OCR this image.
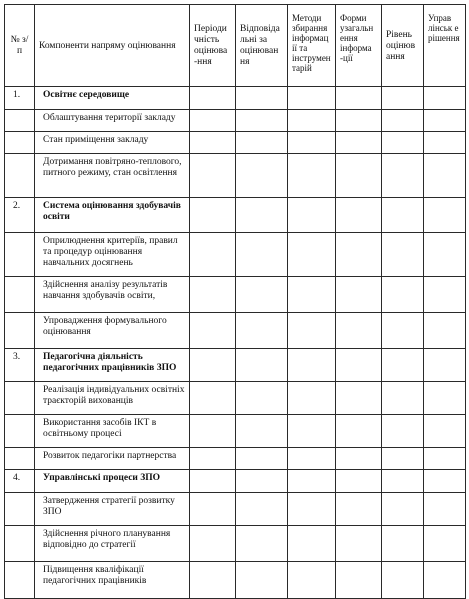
№ з/п	Компоненти напряму оцінювання	Періоди чність оцінюва -ння	Відповіда льні за оцінюван ня	Методи збирання інформац ії та інструмен тарій	Форми узагальн ення інформа -ції	Рівень оцінюв ання	Управ лінськ е рішення
1.	Освітнє середовище						
	Облаштування території закладу						
	Стан приміщення закладу						
	Дотримання повітряно-теплового, питного режиму, стан освітлення						
2.	Система оцінювання здобувачів освіти						
	Оприлюднення критеріїв, правил та процедур оцінювання навчальних досягнень						
	Здійснення аналізу результатів навчання здобувачів освіти,						
	Упровадження формувального оцінювання						
3.	Педагогічна діяльність педагогічних працівників ЗПО						
	Реалізація індивідуальних освітніх траєкторій вихованців						
	Використання засобів ІКТ в освітньому процесі						
	Розвиток педагогіки партнерства						
4.	Управлінські процеси ЗПО						
	Затвердження стратегії розвитку ЗПО						
	Здійснення річного планування відповідно до стратегії						
	Підвищення кваліфікації педагогічних працівників						
